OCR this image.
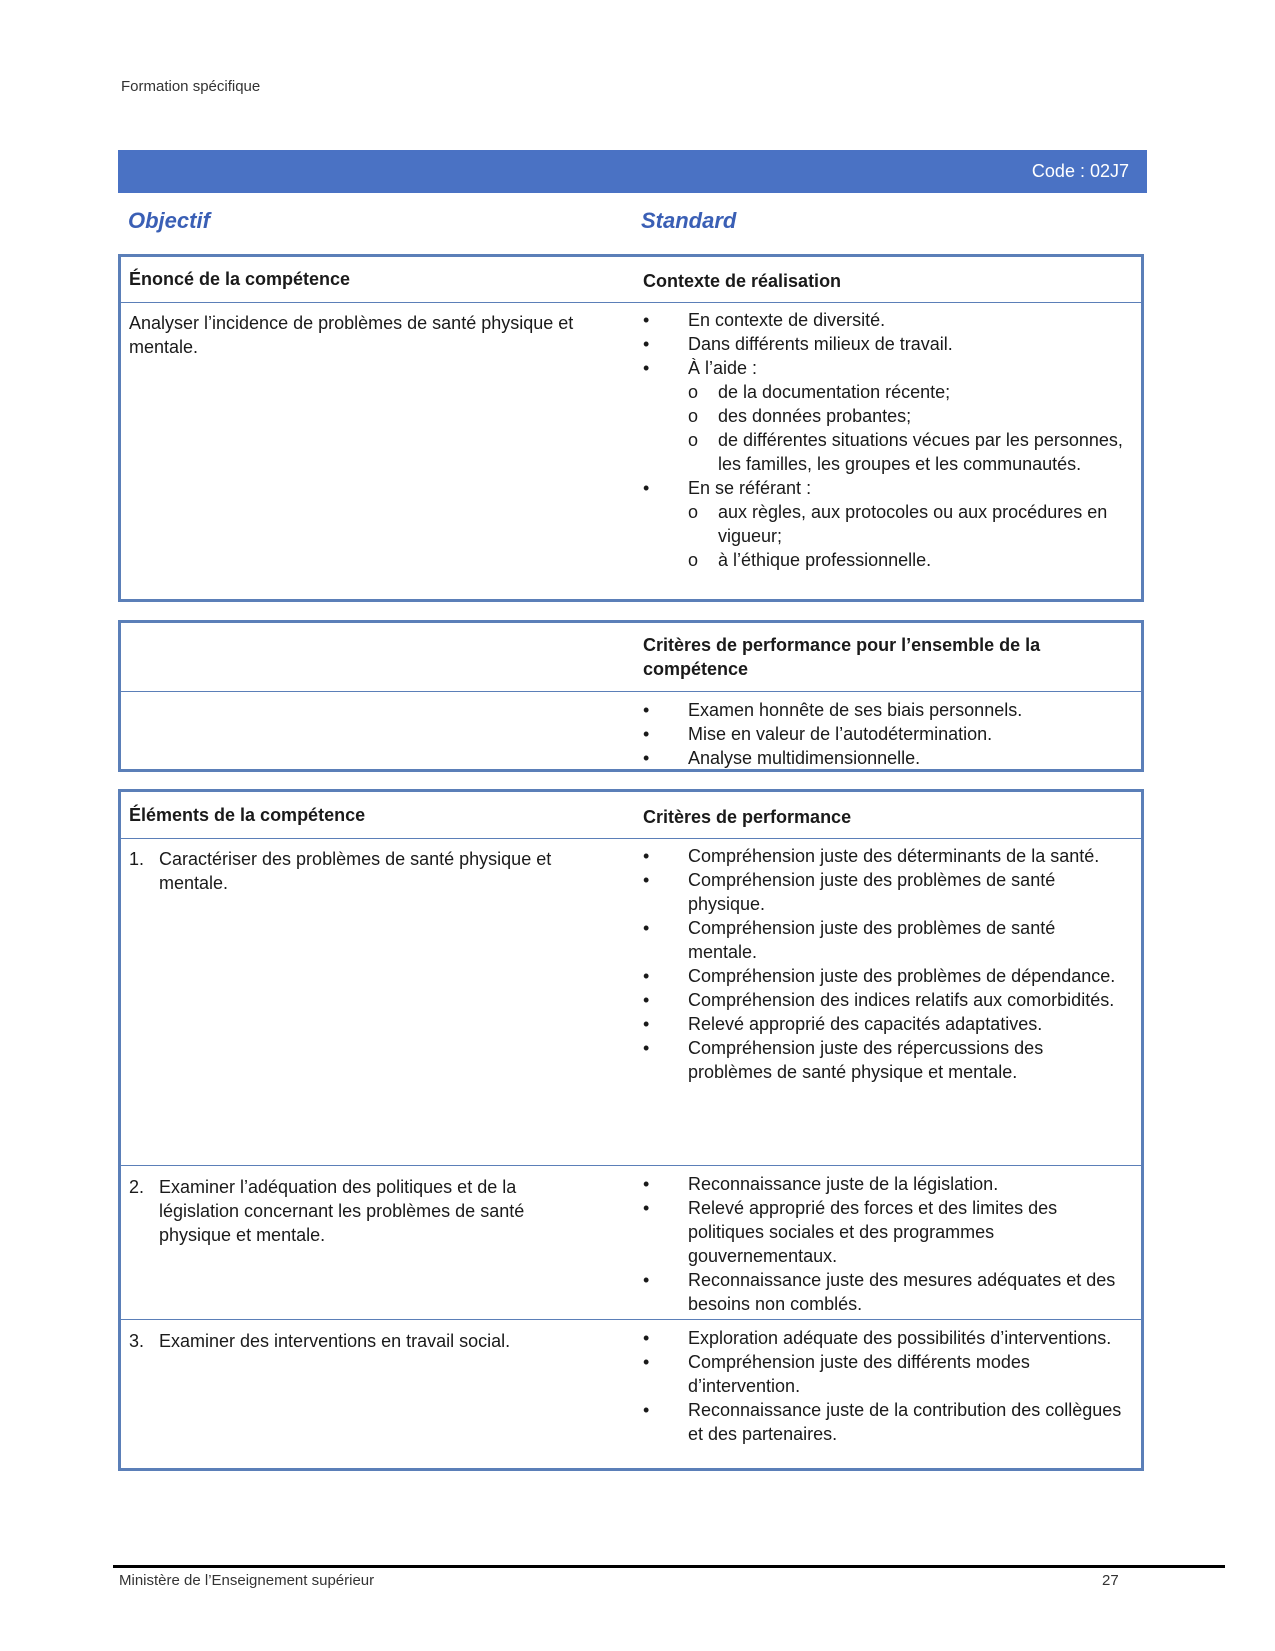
Formation spécifique
Code : 02J7
Objectif	Standard
Énoncé de la compétence	Contexte de réalisation
Analyser l’incidence de problèmes de santé physique et mentale.
• En contexte de diversité.
• Dans différents milieux de travail.
• À l’aide :
o de la documentation récente;
o des données probantes;
o de différentes situations vécues par les personnes, les familles, les groupes et les communautés.
• En se référant :
o aux règles, aux protocoles ou aux procédures en vigueur;
o à l’éthique professionnelle.
Critères de performance pour l’ensemble de la compétence
• Examen honnête de ses biais personnels.
• Mise en valeur de l’autodétermination.
• Analyse multidimensionnelle.
Éléments de la compétence	Critères de performance
1. Caractériser des problèmes de santé physique et mentale.
• Compréhension juste des déterminants de la santé.
• Compréhension juste des problèmes de santé physique.
• Compréhension juste des problèmes de santé mentale.
• Compréhension juste des problèmes de dépendance.
• Compréhension des indices relatifs aux comorbidités.
• Relevé approprié des capacités adaptatives.
• Compréhension juste des répercussions des problèmes de santé physique et mentale.
2. Examiner l’adéquation des politiques et de la législation concernant les problèmes de santé physique et mentale.
• Reconnaissance juste de la législation.
• Relevé approprié des forces et des limites des politiques sociales et des programmes gouvernementaux.
• Reconnaissance juste des mesures adéquates et des besoins non comblés.
3. Examiner des interventions en travail social.	• Exploration adéquate des possibilités d’interventions.
• Compréhension juste des différents modes d’intervention.
• Reconnaissance juste de la contribution des collègues et des partenaires.
Ministère de l’Enseignement supérieur	27
